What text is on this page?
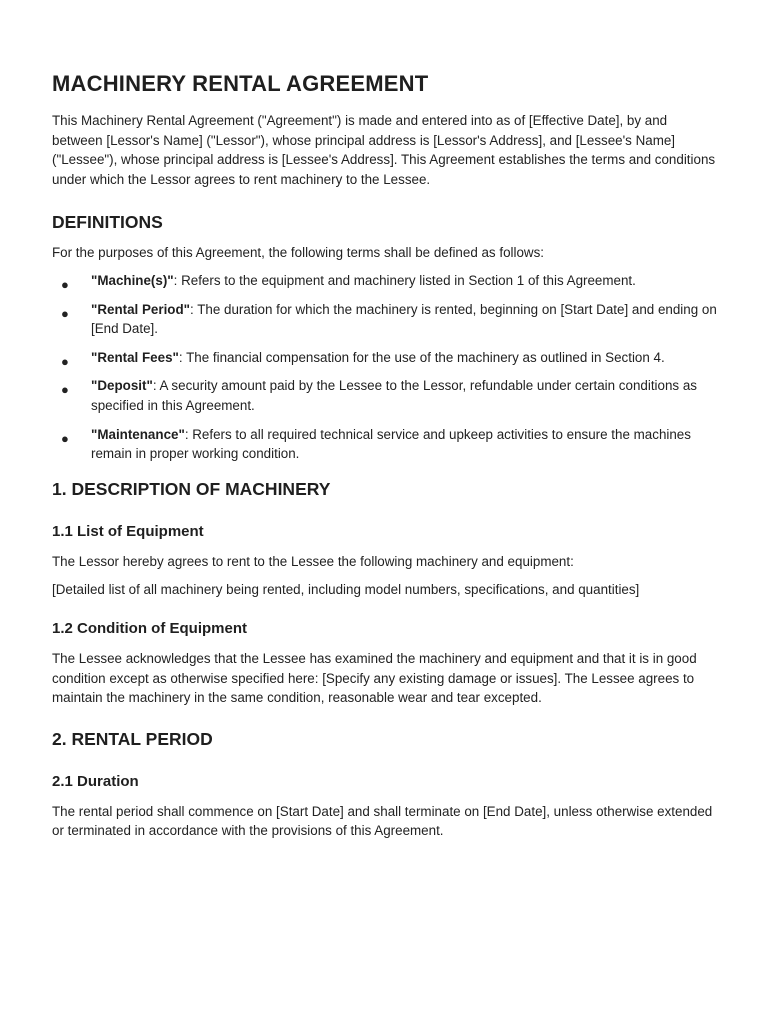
MACHINERY RENTAL AGREEMENT

This Machinery Rental Agreement ("Agreement") is made and entered into as of [Effective Date], by and between [Lessor's Name] ("Lessor"), whose principal address is [Lessor's Address], and [Lessee's Name] ("Lessee"), whose principal address is [Lessee's Address]. This Agreement establishes the terms and conditions under which the Lessor agrees to rent machinery to the Lessee.

DEFINITIONS

For the purposes of this Agreement, the following terms shall be defined as follows:

● "Machine(s)": Refers to the equipment and machinery listed in Section 1 of this Agreement.
● "Rental Period": The duration for which the machinery is rented, beginning on [Start Date] and ending on [End Date].
● "Rental Fees": The financial compensation for the use of the machinery as outlined in Section 4.
● "Deposit": A security amount paid by the Lessee to the Lessor, refundable under certain conditions as specified in this Agreement.
● "Maintenance": Refers to all required technical service and upkeep activities to ensure the machines remain in proper working condition.
1. DESCRIPTION OF MACHINERY
1.1 List of Equipment

The Lessor hereby agrees to rent to the Lessee the following machinery and equipment:

[Detailed list of all machinery being rented, including model numbers, specifications, and quantities]

1.2 Condition of Equipment

The Lessee acknowledges that the Lessee has examined the machinery and equipment and that it is in good condition except as otherwise specified here: [Specify any existing damage or issues]. The Lessee agrees to maintain the machinery in the same condition, reasonable wear and tear excepted.

2. RENTAL PERIOD
2.1 Duration

The rental period shall commence on [Start Date] and shall terminate on [End Date], unless otherwise extended or terminated in accordance with the provisions of this Agreement.
